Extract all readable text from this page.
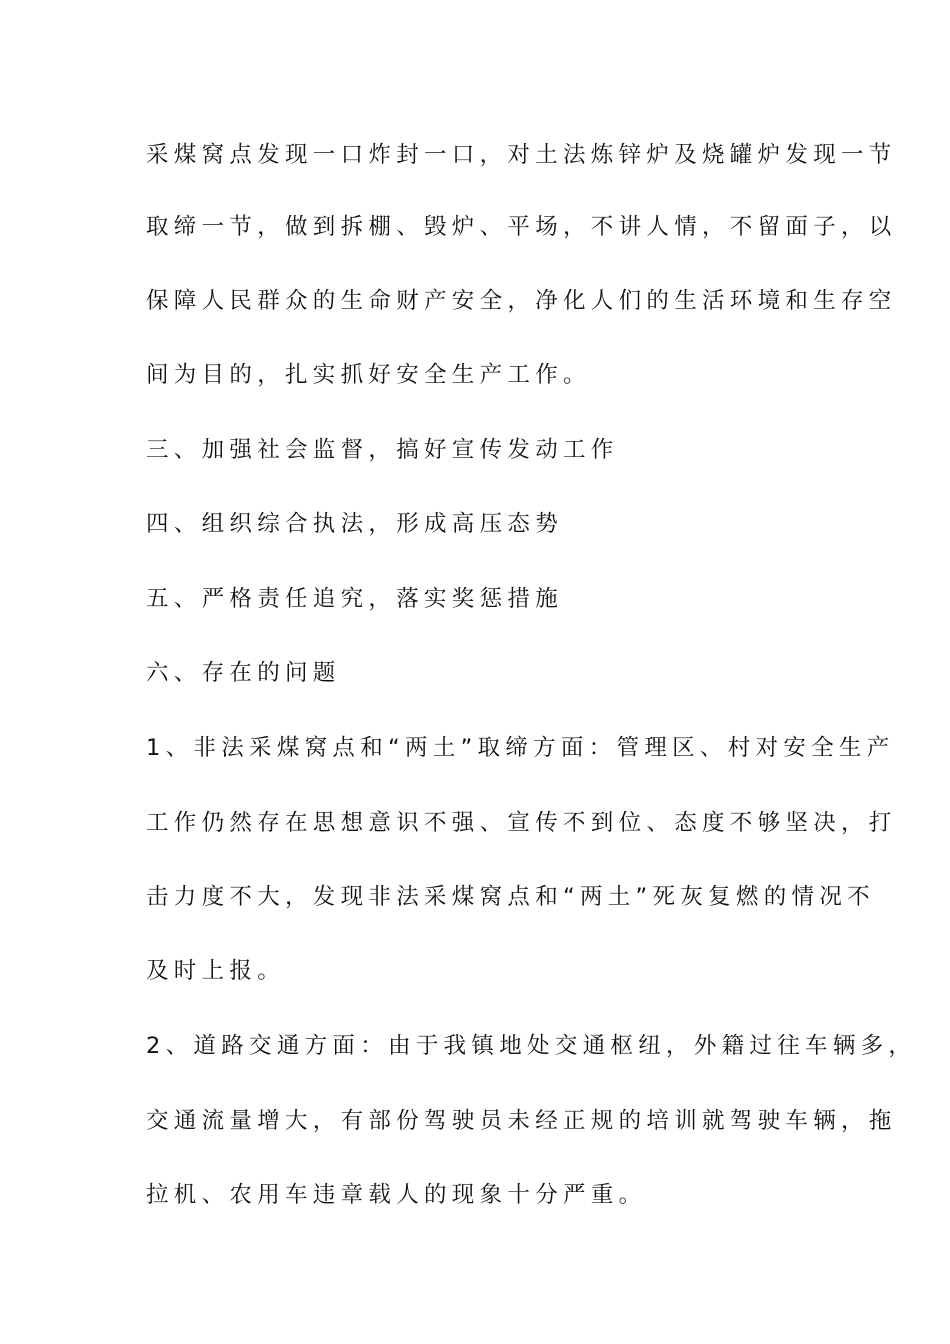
采煤窝点发现一口炸封一口，对土法炼锌炉及烧罐炉发现一节

取缔一节，做到拆棚、毁炉、平场，不讲人情，不留面子，以

保障人民群众的生命财产安全，净化人们的生活环境和生存空

间为目的，扎实抓好安全生产工作。

三、加强社会监督，搞好宣传发动工作

四、组织综合执法，形成高压态势

五、严格责任追究，落实奖惩措施

六、存在的问题

1、非法采煤窝点和“两土”取缔方面：管理区、村对安全生产

工作仍然存在思想意识不强、宣传不到位、态度不够坚决，打

击力度不大，发现非法采煤窝点和“两土”死灰复燃的情况不

及时上报。

2、道路交通方面：由于我镇地处交通枢纽，外籍过往车辆多，

交通流量增大，有部份驾驶员未经正规的培训就驾驶车辆，拖

拉机、农用车违章载人的现象十分严重。
